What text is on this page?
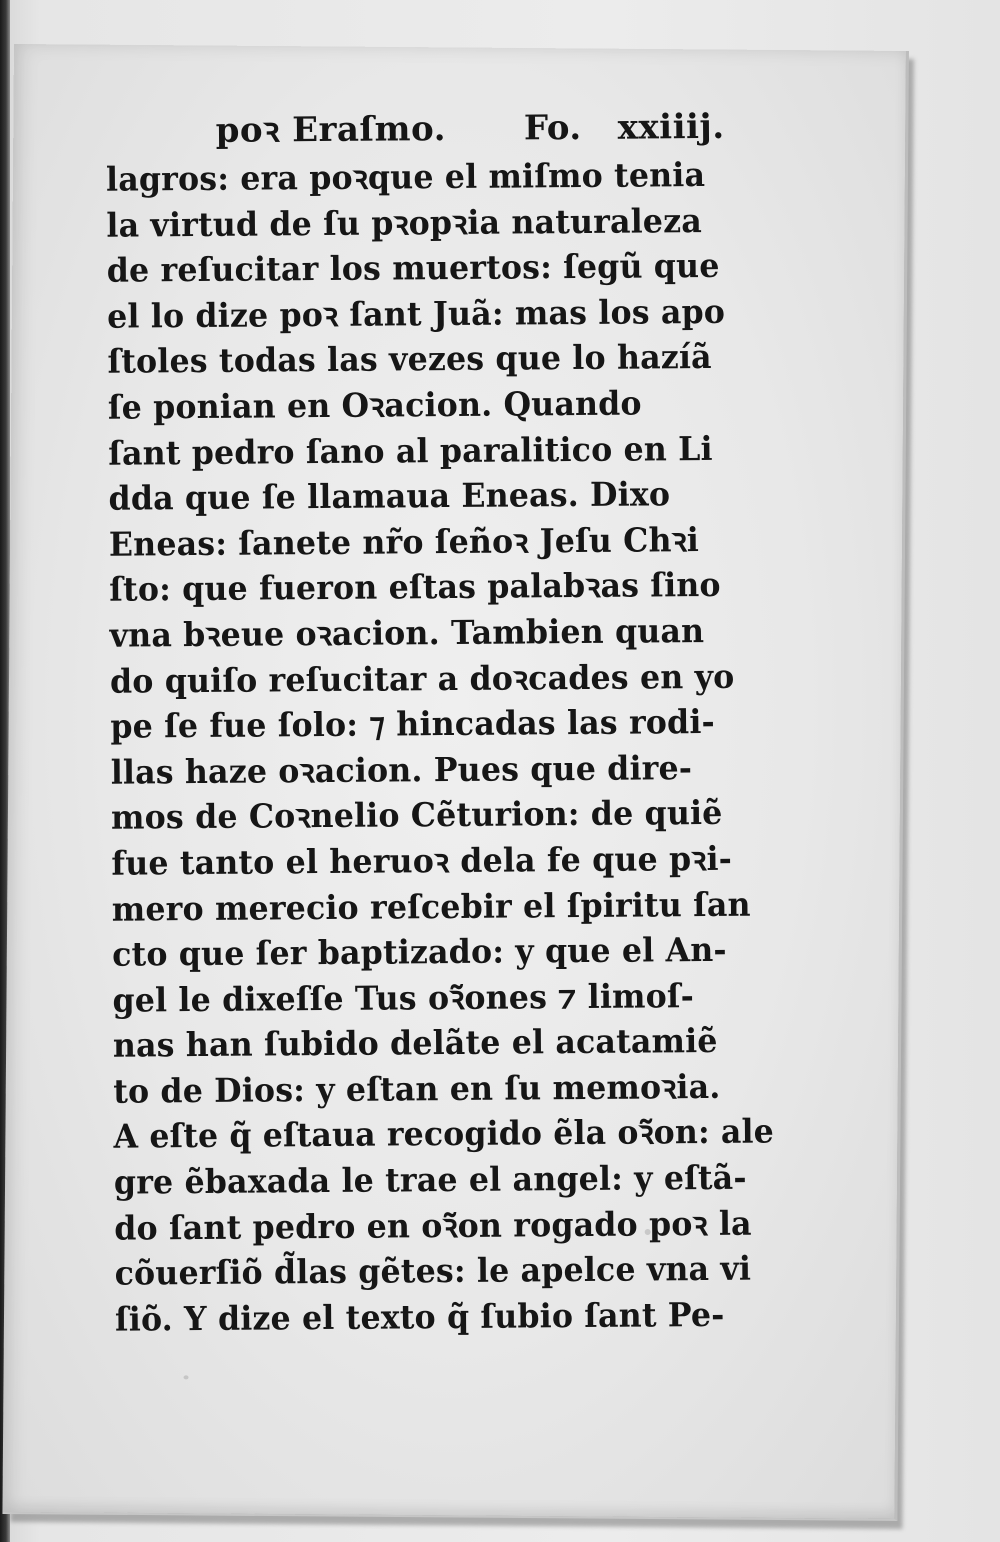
poꝛ Eraſmo. Fo. xxiiij.
lagros: era poꝛque el miſmo tenia
la virtud de ſu pꝛopꝛia naturaleza
de reſucitar los muertos: ſegũ que
el lo dize poꝛ ſant Juã: mas los apo
ſtoles todas las vezes que lo hazíã
ſe ponian en Oꝛacion. Quando
ſant pedro ſano al paralitico en Li
dda que ſe llamaua Eneas. Dixo
Eneas: ſanete nr̃o ſeñoꝛ Jeſu Chꝛi
ſto: que fueron eſtas palabꝛas ſino
vna bꝛeue oꝛacion. Tambien quan
do quiſo reſucitar a doꝛcades en yo
pe ſe fue ſolo: ⁊ hincadas las rodi-
llas haze oꝛacion. Pues que dire-
mos de Coꝛnelio Cẽturion: de quiẽ
fue tanto el heruoꝛ dela fe que pꝛi-
mero merecio reſcebir el ſpiritu ſan
cto que ſer baptizado: y que el An-
gel le dixeſſe Tus oꝛ̃ones ⁊ limoſ-
nas han ſubido delãte el acatamiẽ
to de Dios: y eſtan en ſu memoꝛia.
A eſte q̃ eſtaua recogido ẽla oꝛ̃on: ale
gre ẽbaxada le trae el angel: y eſtã-
do ſant pedro en oꝛ̃on rogado poꝛ la
cõuerſiõ d̃las gẽtes: le apelce vna vi
ſiõ. Y dize el texto q̃ ſubio ſant Pe-
